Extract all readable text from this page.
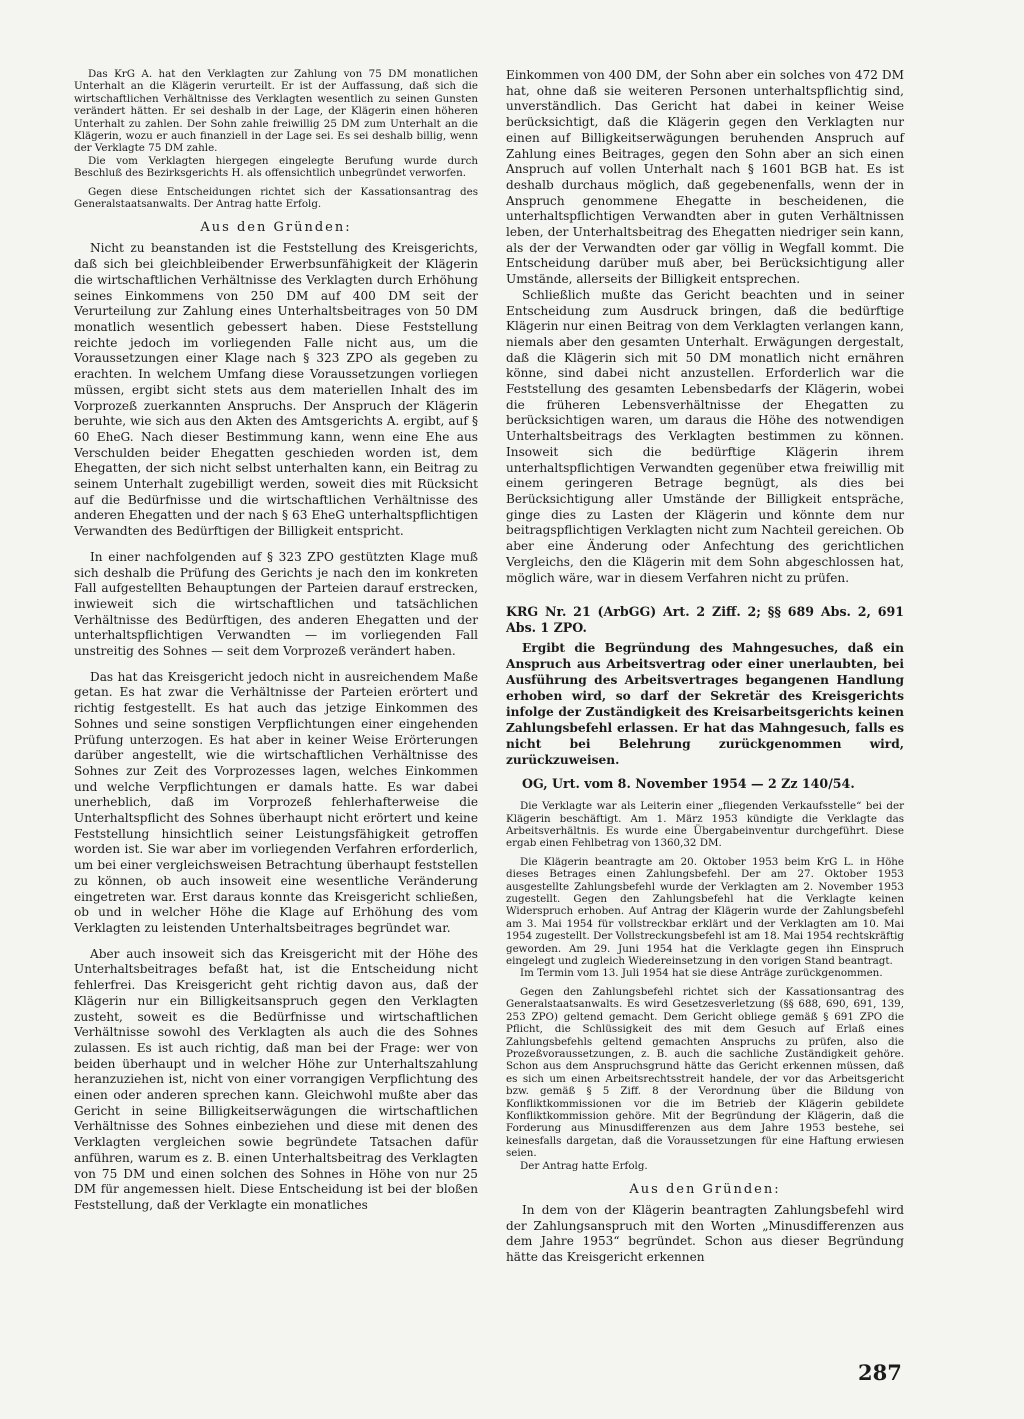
Das KrG A. hat den Verklagten zur Zahlung von 75 DM monatlichen Unterhalt an die Klägerin verurteilt. Er ist der Auffassung, daß sich die wirtschaftlichen Verhältnisse des Verklagten wesentlich zu seinen Gunsten verändert hätten. Er sei deshalb in der Lage, der Klägerin einen höheren Unterhalt zu zahlen. Der Sohn zahle freiwillig 25 DM zum Unterhalt an die Klägerin, wozu er auch finanziell in der Lage sei. Es sei deshalb billig, wenn der Verklagte 75 DM zahle.

Die vom Verklagten hiergegen eingelegte Berufung wurde durch Beschluß des Bezirksgerichts H. als offensichtlich unbegründet verworfen.

Gegen diese Entscheidungen richtet sich der Kassationsantrag des Generalstaatsanwalts. Der Antrag hatte Erfolg.

Aus den Gründen:

Nicht zu beanstanden ist die Feststellung des Kreisgerichts, daß sich bei gleichbleibender Erwerbsunfähigkeit der Klägerin die wirtschaftlichen Verhältnisse des Verklagten durch Erhöhung seines Einkommens von 250 DM auf 400 DM seit der Verurteilung zur Zahlung eines Unterhaltsbeitrages von 50 DM monatlich wesentlich gebessert haben. Diese Feststellung reichte jedoch im vorliegenden Falle nicht aus, um die Voraussetzungen einer Klage nach § 323 ZPO als gegeben zu erachten. In welchem Umfang diese Voraussetzungen vorliegen müssen, ergibt sicht stets aus dem materiellen Inhalt des im Vorprozeß zuerkannten Anspruchs. Der Anspruch der Klägerin beruhte, wie sich aus den Akten des Amtsgerichts A. ergibt, auf § 60 EheG. Nach dieser Bestimmung kann, wenn eine Ehe aus Verschulden beider Ehegatten geschieden worden ist, dem Ehegatten, der sich nicht selbst unterhalten kann, ein Beitrag zu seinem Unterhalt zugebilligt werden, soweit dies mit Rücksicht auf die Bedürfnisse und die wirtschaftlichen Verhältnisse des anderen Ehegatten und der nach § 63 EheG unterhaltspflichtigen Verwandten des Bedürftigen der Billigkeit entspricht.

In einer nachfolgenden auf § 323 ZPO gestützten Klage muß sich deshalb die Prüfung des Gerichts je nach den im konkreten Fall aufgestellten Behauptungen der Parteien darauf erstrecken, inwieweit sich die wirtschaftlichen und tatsächlichen Verhältnisse des Bedürftigen, des anderen Ehegatten und der unterhaltspflichtigen Verwandten — im vorliegenden Fall unstreitig des Sohnes — seit dem Vorprozeß verändert haben.

Das hat das Kreisgericht jedoch nicht in ausreichendem Maße getan. Es hat zwar die Verhältnisse der Parteien erörtert und richtig festgestellt. Es hat auch das jetzige Einkommen des Sohnes und seine sonstigen Verpflichtungen einer eingehenden Prüfung unterzogen. Es hat aber in keiner Weise Erörterungen darüber angestellt, wie die wirtschaftlichen Verhältnisse des Sohnes zur Zeit des Vorprozesses lagen, welches Einkommen und welche Verpflichtungen er damals hatte. Es war dabei unerheblich, daß im Vorprozeß fehlerhafterweise die Unterhaltspflicht des Sohnes überhaupt nicht erörtert und keine Feststellung hinsichtlich seiner Leistungsfähigkeit getroffen worden ist. Sie war aber im vorliegenden Verfahren erforderlich, um bei einer vergleichsweisen Betrachtung überhaupt feststellen zu können, ob auch insoweit eine wesentliche Veränderung eingetreten war. Erst daraus konnte das Kreisgericht schließen, ob und in welcher Höhe die Klage auf Erhöhung des vom Verklagten zu leistenden Unterhaltsbeitrages begründet war.

Aber auch insoweit sich das Kreisgericht mit der Höhe des Unterhaltsbeitrages befaßt hat, ist die Entscheidung nicht fehlerfrei. Das Kreisgericht geht richtig davon aus, daß der Klägerin nur ein Billigkeitsanspruch gegen den Verklagten zusteht, soweit es die Bedürfnisse und wirtschaftlichen Verhältnisse sowohl des Verklagten als auch die des Sohnes zulassen. Es ist auch richtig, daß man bei der Frage: wer von beiden überhaupt und in welcher Höhe zur Unterhaltszahlung heranzuziehen ist, nicht von einer vorrangigen Verpflichtung des einen oder anderen sprechen kann. Gleichwohl mußte aber das Gericht in seine Billigkeitserwägungen die wirtschaftlichen Verhältnisse des Sohnes einbeziehen und diese mit denen des Verklagten vergleichen sowie begründete Tatsachen dafür anführen, warum es z. B. einen Unterhaltsbeitrag des Verklagten von 75 DM und einen solchen des Sohnes in Höhe von nur 25 DM für angemessen hielt. Diese Entscheidung ist bei der bloßen Feststellung, daß der Verklagte ein monatliches

Einkommen von 400 DM, der Sohn aber ein solches von 472 DM hat, ohne daß sie weiteren Personen unterhaltspflichtig sind, unverständlich. Das Gericht hat dabei in keiner Weise berücksichtigt, daß die Klägerin gegen den Verklagten nur einen auf Billigkeitserwägungen beruhenden Anspruch auf Zahlung eines Beitrages, gegen den Sohn aber an sich einen Anspruch auf vollen Unterhalt nach § 1601 BGB hat. Es ist deshalb durchaus möglich, daß gegebenenfalls, wenn der in Anspruch genommene Ehegatte in bescheidenen, die unterhaltspflichtigen Verwandten aber in guten Verhältnissen leben, der Unterhaltsbeitrag des Ehegatten niedriger sein kann, als der der Verwandten oder gar völlig in Wegfall kommt. Die Entscheidung darüber muß aber, bei Berücksichtigung aller Umstände, allerseits der Billigkeit entsprechen.

Schließlich mußte das Gericht beachten und in seiner Entscheidung zum Ausdruck bringen, daß die bedürftige Klägerin nur einen Beitrag von dem Verklagten verlangen kann, niemals aber den gesamten Unterhalt. Erwägungen dergestalt, daß die Klägerin sich mit 50 DM monatlich nicht ernähren könne, sind dabei nicht anzustellen. Erforderlich war die Feststellung des gesamten Lebensbedarfs der Klägerin, wobei die früheren Lebensverhältnisse der Ehegatten zu berücksichtigen waren, um daraus die Höhe des notwendigen Unterhaltsbeitrags des Verklagten bestimmen zu können. Insoweit sich die bedürftige Klägerin ihrem unterhaltspflichtigen Verwandten gegenüber etwa freiwillig mit einem geringeren Betrage begnügt, als dies bei Berücksichtigung aller Umstände der Billigkeit entspräche, ginge dies zu Lasten der Klägerin und könnte dem nur beitragspflichtigen Verklagten nicht zum Nachteil gereichen. Ob aber eine Änderung oder Anfechtung des gerichtlichen Vergleichs, den die Klägerin mit dem Sohn abgeschlossen hat, möglich wäre, war in diesem Verfahren nicht zu prüfen.

KRG Nr. 21 (ArbGG) Art. 2 Ziff. 2; §§ 689 Abs. 2, 691 Abs. 1 ZPO.

Ergibt die Begründung des Mahngesuches, daß ein Anspruch aus Arbeitsvertrag oder einer unerlaubten, bei Ausführung des Arbeitsvertrages begangenen Handlung erhoben wird, so darf der Sekretär des Kreisgerichts infolge der Zuständigkeit des Kreisarbeitsgerichts keinen Zahlungsbefehl erlassen. Er hat das Mahngesuch, falls es nicht bei Belehrung zurückgenommen wird, zurückzuweisen.

OG, Urt. vom 8. November 1954 — 2 Zz 140/54.

Die Verklagte war als Leiterin einer „fliegenden Verkaufsstelle“ bei der Klägerin beschäftigt. Am 1. März 1953 kündigte die Verklagte das Arbeitsverhältnis. Es wurde eine Übergabeinventur durchgeführt. Diese ergab einen Fehlbetrag von 1360,32 DM.

Die Klägerin beantragte am 20. Oktober 1953 beim KrG L. in Höhe dieses Betrages einen Zahlungsbefehl. Der am 27. Oktober 1953 ausgestellte Zahlungsbefehl wurde der Verklagten am 2. November 1953 zugestellt. Gegen den Zahlungsbefehl hat die Verklagte keinen Widerspruch erhoben. Auf Antrag der Klägerin wurde der Zahlungsbefehl am 3. Mai 1954 für vollstreckbar erklärt und der Verklagten am 10. Mai 1954 zugestellt. Der Vollstreckungsbefehl ist am 18. Mai 1954 rechtskräftig geworden. Am 29. Juni 1954 hat die Verklagte gegen ihn Einspruch eingelegt und zugleich Wiedereinsetzung in den vorigen Stand beantragt.

Im Termin vom 13. Juli 1954 hat sie diese Anträge zurückgenommen.

Gegen den Zahlungsbefehl richtet sich der Kassationsantrag des Generalstaatsanwalts. Es wird Gesetzesverletzung (§§ 688, 690, 691, 139, 253 ZPO) geltend gemacht. Dem Gericht obliege gemäß § 691 ZPO die Pflicht, die Schlüssigkeit des mit dem Gesuch auf Erlaß eines Zahlungsbefehls geltend gemachten Anspruchs zu prüfen, also die Prozeßvoraussetzungen, z. B. auch die sachliche Zuständigkeit gehöre. Schon aus dem Anspruchsgrund hätte das Gericht erkennen müssen, daß es sich um einen Arbeitsrechtsstreit handele, der vor das Arbeitsgericht bzw. gemäß § 5 Ziff. 8 der Verordnung über die Bildung von Konfliktkommissionen vor die im Betrieb der Klägerin gebildete Konfliktkommission gehöre. Mit der Begründung der Klägerin, daß die Forderung aus Minusdifferenzen aus dem Jahre 1953 bestehe, sei keinesfalls dargetan, daß die Voraussetzungen für eine Haftung erwiesen seien.

Der Antrag hatte Erfolg.

Aus den Gründen:

In dem von der Klägerin beantragten Zahlungsbefehl wird der Zahlungsanspruch mit den Worten „Minusdifferenzen aus dem Jahre 1953“ begründet. Schon aus dieser Begründung hätte das Kreisgericht erkennen

287
